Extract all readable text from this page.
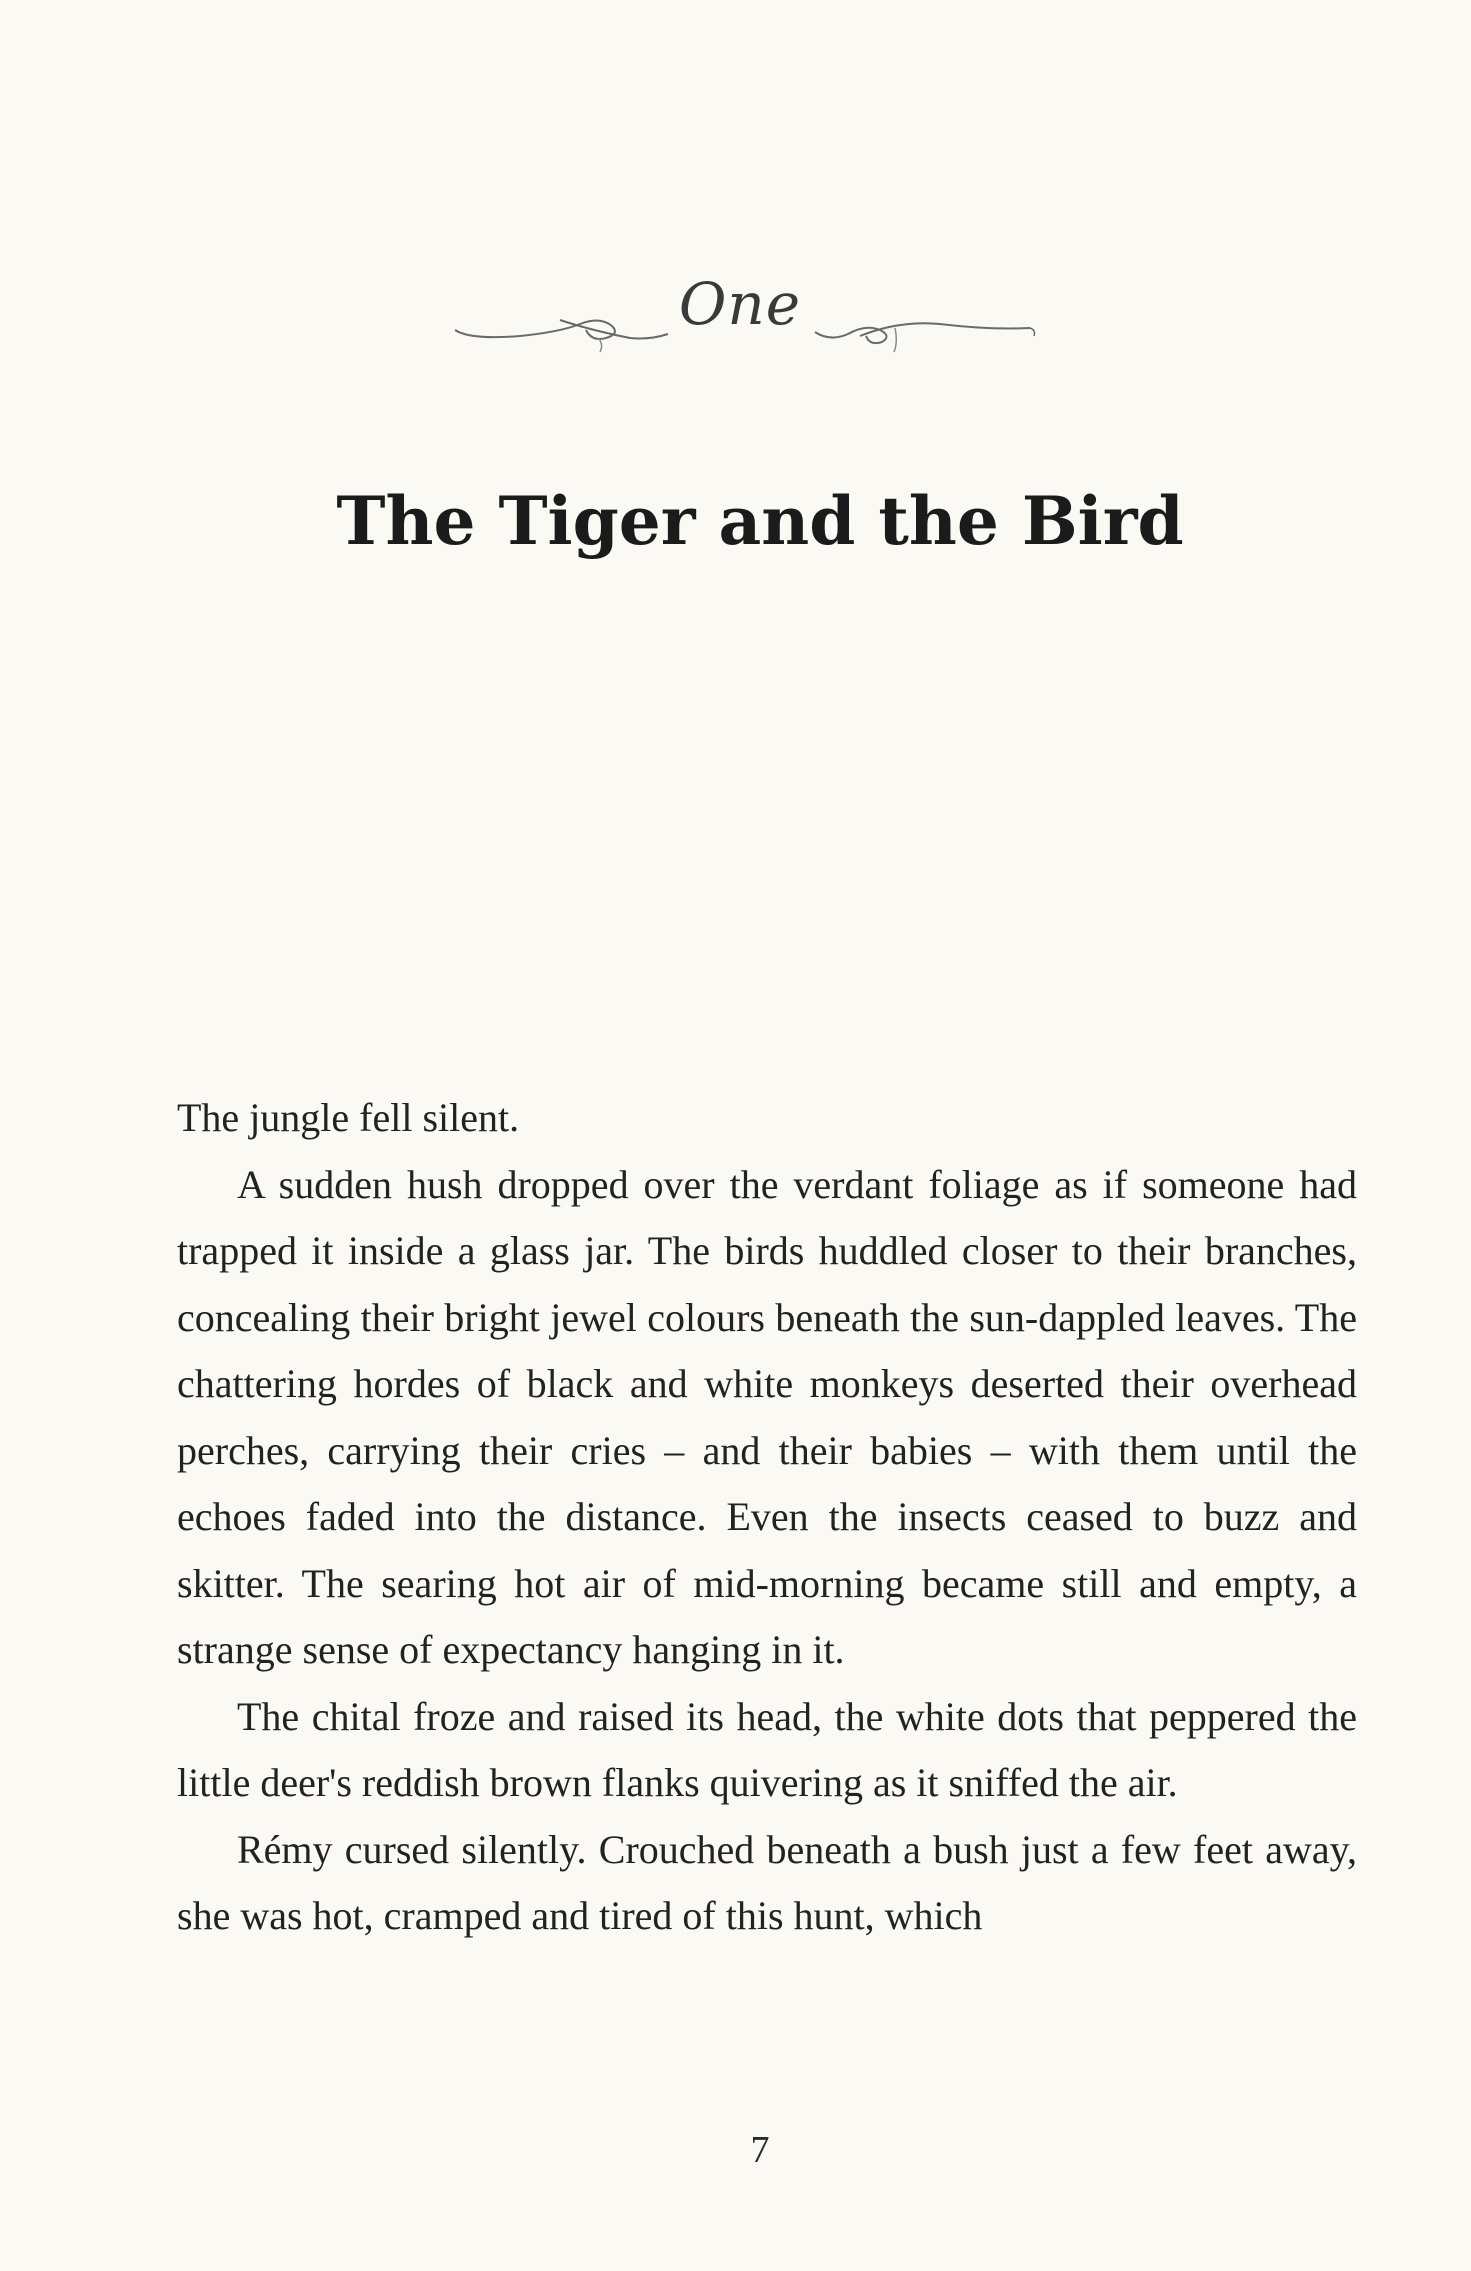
One
The Tiger and the Bird

The jungle fell silent.

A sudden hush dropped over the verdant foliage as if someone had trapped it inside a glass jar. The birds huddled closer to their branches, concealing their bright jewel colours beneath the sun-dappled leaves. The chattering hordes of black and white monkeys deserted their overhead perches, carrying their cries – and their babies – with them until the echoes faded into the distance. Even the insects ceased to buzz and skitter. The searing hot air of mid-morning became still and empty, a strange sense of expectancy hanging in it.

The chital froze and raised its head, the white dots that peppered the little deer's reddish brown flanks quivering as it sniffed the air.

Rémy cursed silently. Crouched beneath a bush just a few feet away, she was hot, cramped and tired of this hunt, which

7
